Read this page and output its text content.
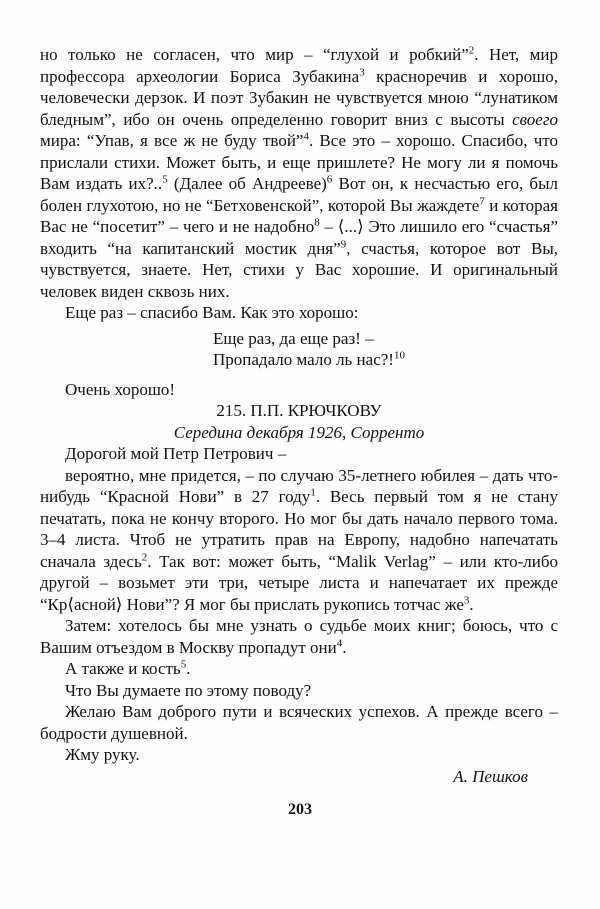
но только не согласен, что мир – “глухой и робкий”$^2$. Нет, мир профессора археологии Бориса Зубакина$^3$ красноречив и хорошо, человечески дерзок. И поэт Зубакин не чувствуется мною “лунатиком бледным”, ибо он очень определенно говорит вниз с высоты своего мира: “Упав, я все ж не буду твой”$^4$. Все это – хорошо. Спасибо, что прислали стихи. Может быть, и еще пришлете? Не могу ли я помочь Вам издать их?..$^5$ (Далее об Андрееве)$^6$ Вот он, к несчастью его, был болен глухотою, но не “Бетховенской”, которой Вы жаждете$^7$ и которая Вас не “посетит” – чего и не надобно$^8$ – ⟨...⟩ Это лишило его “счастья” входить “на капитанский мостик дня”$^9$, счастья, которое вот Вы, чувствуется, знаете. Нет, стихи у Вас хорошие. И оригинальный человек виден сквозь них.

Еще раз – спасибо Вам. Как это хорошо:

Еще раз, да еще раз! –
Пропадало мало ль нас?!$^{10}$

Очень хорошо!

215. П.П. КРЮЧКОВУ

Середина декабря 1926, Сорренто

Дорогой мой Петр Петрович –

вероятно, мне придется, – по случаю 35-летнего юбилея – дать что-нибудь “Красной Нови” в 27 году$^1$. Весь первый том я не стану печатать, пока не кончу второго. Но мог бы дать начало первого тома. 3–4 листа. Чтоб не утратить прав на Европу, надобно напечатать сначала здесь$^2$. Так вот: может быть, “Malik Verlag” – или кто-либо другой – возьмет эти три, четыре листа и напечатает их прежде “Кр⟨асной⟩ Нови”? Я мог бы прислать рукопись тотчас $же^3$.

Затем: хотелось бы мне узнать о судьбе моих книг; боюсь, что с Вашим отъездом в Москву пропадут они$^4$.

А также и кость$^5$.

Что Вы думаете по этому поводу?

Желаю Вам доброго пути и всяческих успехов. А прежде всего – бодрости душевной.

Жму руку.

А. Пешков

203
